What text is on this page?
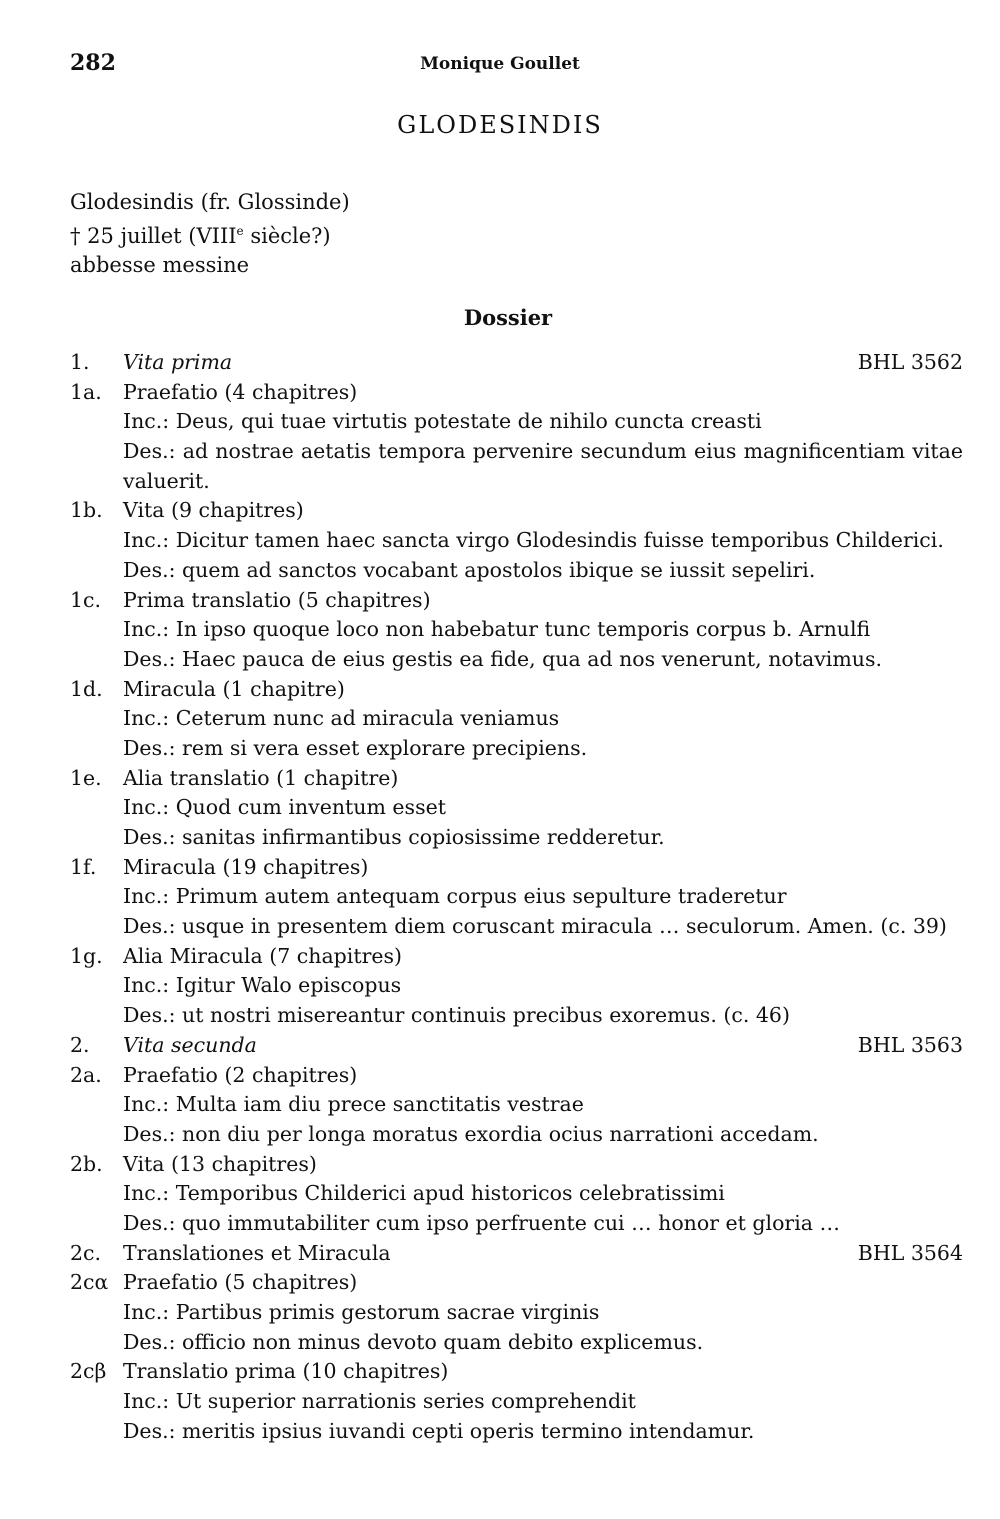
282	Monique Goullet
GLODESINDIS
Glodesindis (fr. Glossinde)
† 25 juillet (VIIIe siècle?)
abbesse messine
Dossier
1. Vita prima	BHL 3562
1a. Praefatio (4 chapitres)
Inc.: Deus, qui tuae virtutis potestate de nihilo cuncta creasti
Des.: ad nostrae aetatis tempora pervenire secundum eius magnificentiam vitae valuerit.
1b. Vita (9 chapitres)
Inc.: Dicitur tamen haec sancta virgo Glodesindis fuisse temporibus Childerici.
Des.: quem ad sanctos vocabant apostolos ibique se iussit sepeliri.
1c. Prima translatio (5 chapitres)
Inc.: In ipso quoque loco non habebatur tunc temporis corpus b. Arnulfi
Des.: Haec pauca de eius gestis ea fide, qua ad nos venerunt, notavimus.
1d. Miracula (1 chapitre)
Inc.: Ceterum nunc ad miracula veniamus
Des.: rem si vera esset explorare precipiens.
1e. Alia translatio (1 chapitre)
Inc.: Quod cum inventum esset
Des.: sanitas infirmantibus copiosissime redderetur.
1f. Miracula (19 chapitres)
Inc.: Primum autem antequam corpus eius sepulture traderetur
Des.: usque in presentem diem coruscant miracula … seculorum. Amen. (c. 39)
1g. Alia Miracula (7 chapitres)
Inc.: Igitur Walo episcopus
Des.: ut nostri misereantur continuis precibus exoremus. (c. 46)
2. Vita secunda	BHL 3563
2a. Praefatio (2 chapitres)
Inc.: Multa iam diu prece sanctitatis vestrae
Des.: non diu per longa moratus exordia ocius narrationi accedam.
2b. Vita (13 chapitres)
Inc.: Temporibus Childerici apud historicos celebratissimi
Des.: quo immutabiliter cum ipso perfruente cui … honor et gloria …
2c. Translationes et Miracula	BHL 3564
2cα Praefatio (5 chapitres)
Inc.: Partibus primis gestorum sacrae virginis
Des.: officio non minus devoto quam debito explicemus.
2cβ Translatio prima (10 chapitres)
Inc.: Ut superior narrationis series comprehendit
Des.: meritis ipsius iuvandi cepti operis termino intendamur.
